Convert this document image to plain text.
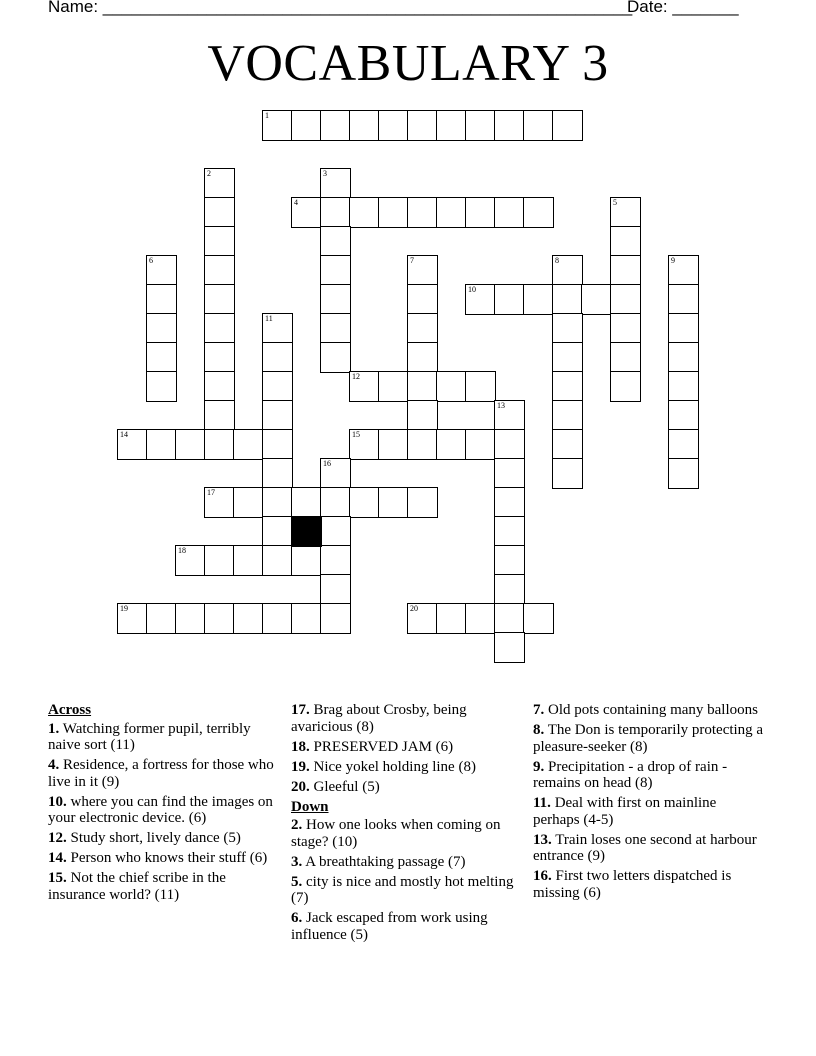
Name: ________________________________________________________
Date: _______
VOCABULARY 3
1
2	3
4	5
6	7	8	9
10
11
12
13
14	15
16
17
18
19	20
Across
1. Watching former pupil, terribly naive sort (11)
4. Residence, a fortress for those who live in it (9)
10. where you can find the images on your electronic device. (6)
12. Study short, lively dance (5)
14. Person who knows their stuff (6)
15. Not the chief scribe in the insurance world? (11)
17. Brag about Crosby, being avaricious (8)
18. PRESERVED JAM (6)
19. Nice yokel holding line (8)
20. Gleeful (5)
Down
2. How one looks when coming on stage? (10)
3. A breathtaking passage (7)
5. city is nice and mostly hot melting (7)
6. Jack escaped from work using influence (5)
7. Old pots containing many balloons
8. The Don is temporarily protecting a pleasure-seeker (8)
9. Precipitation - a drop of rain - remains on head (8)
11. Deal with first on mainline perhaps (4-5)
13. Train loses one second at harbour entrance (9)
16. First two letters dispatched is missing (6)
